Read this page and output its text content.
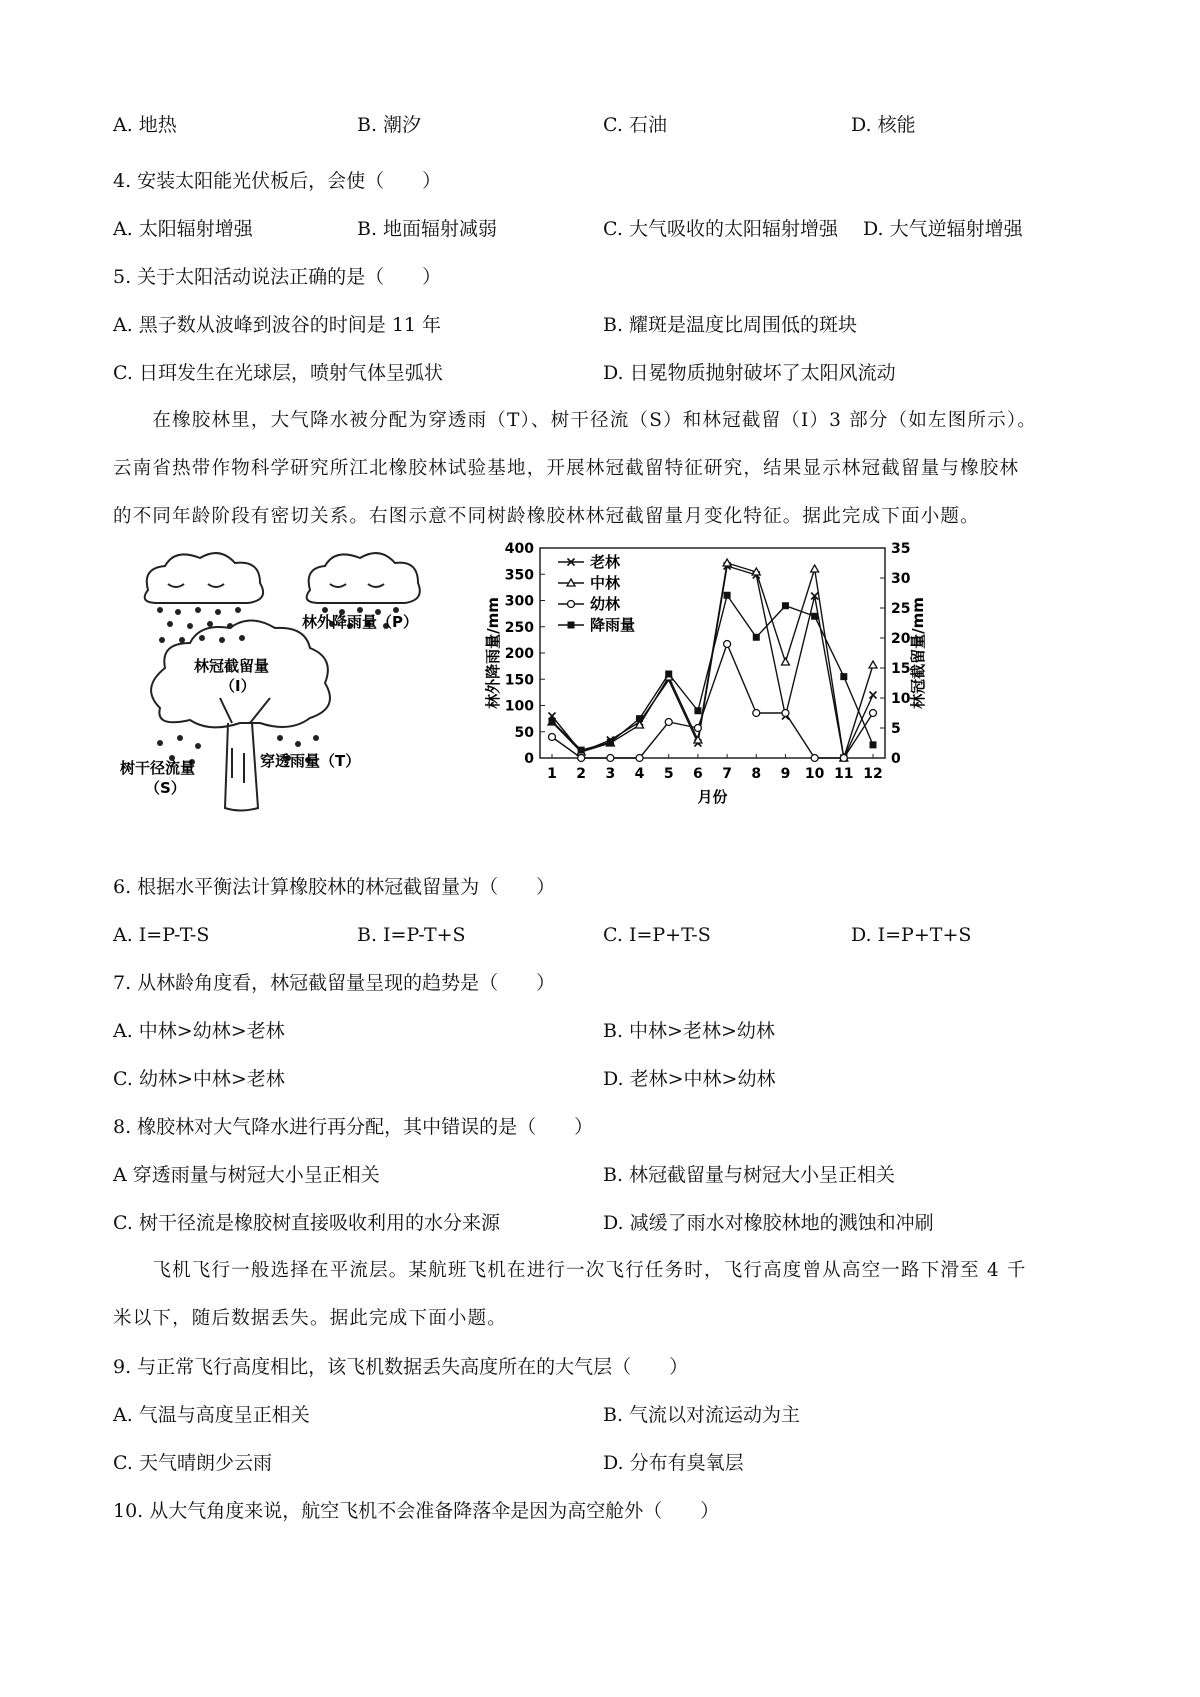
A. 地热	B. 潮汐	C. 石油	D. 核能
4. 安装太阳能光伏板后，会使（　　）
A. 太阳辐射增强	B. 地面辐射减弱	C. 大气吸收的太阳辐射增强 D. 大气逆辐射增强
5. 关于太阳活动说法正确的是（　　）
A. 黑子数从波峰到波谷的时间是 11 年	B. 耀斑是温度比周围低的斑块
C. 日珥发生在光球层，喷射气体呈弧状	D. 日冕物质抛射破坏了太阳风流动
　　在橡胶林里，大气降水被分配为穿透雨（T）、树干径流（S）和林冠截留（I）3 部分（如左图所示）。
云南省热带作物科学研究所江北橡胶林试验基地，开展林冠截留特征研究，结果显示林冠截留量与橡胶林
的不同年龄阶段有密切关系。右图示意不同树龄橡胶林林冠截留量月变化特征。据此完成下面小题。
林外降雨量（P）
林冠截留量
（I）
树干径流量
（S）
穿透雨量（T）	0
50
100
150
200
250
300
350
400
0
5
10
15
20
25
30
35
1 2 3 4 5 6 7 8 9 10 11 12
月份
林外降雨量/mm	林冠截留量/mm
老林
中林
幼林
降雨量
6. 根据水平衡法计算橡胶林的林冠截留量为（　　）
A. I=P-T-S	B. I=P-T+S	C. I=P+T-S	D. I=P+T+S
7. 从林龄角度看，林冠截留量呈现的趋势是（　　）
A. 中林>幼林>老林	B. 中林>老林>幼林
C. 幼林>中林>老林	D. 老林>中林>幼林
8. 橡胶林对大气降水进行再分配，其中错误的是（　　）
A 穿透雨量与树冠大小呈正相关	B. 林冠截留量与树冠大小呈正相关
C. 树干径流是橡胶树直接吸收利用的水分来源	D. 减缓了雨水对橡胶林地的溅蚀和冲刷
　　飞机飞行一般选择在平流层。某航班飞机在进行一次飞行任务时，飞行高度曾从高空一路下滑至 4 千
米以下，随后数据丢失。据此完成下面小题。
9. 与正常飞行高度相比，该飞机数据丢失高度所在的大气层（　　）
A. 气温与高度呈正相关	B. 气流以对流运动为主
C. 天气晴朗少云雨	D. 分布有臭氧层
10. 从大气角度来说，航空飞机不会准备降落伞是因为高空舱外（　　）
